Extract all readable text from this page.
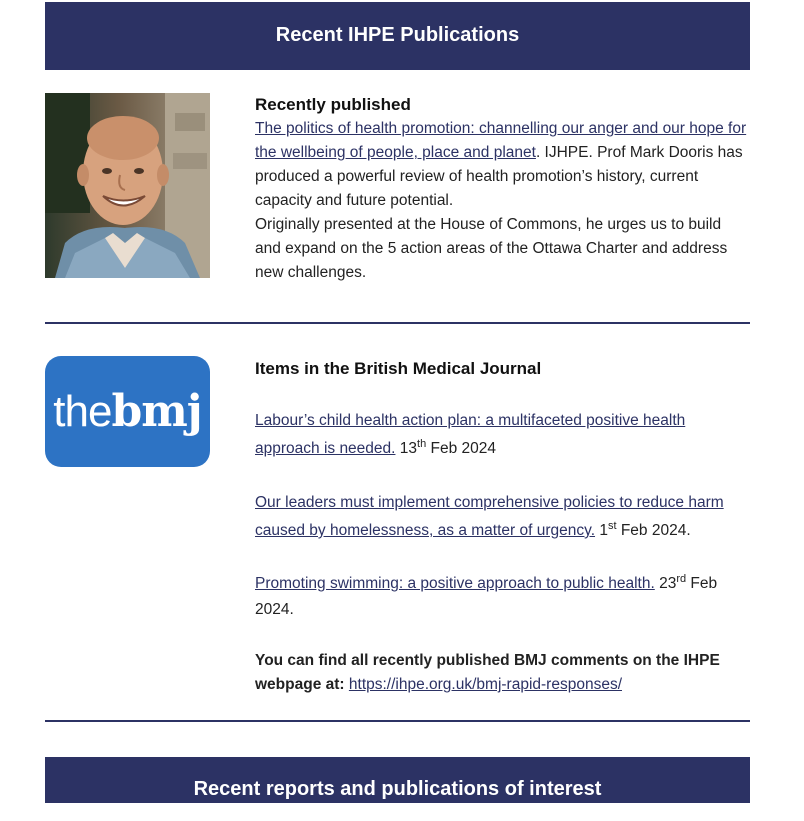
Recent IHPE Publications
Recently published

The politics of health promotion: channelling our anger and our hope for the wellbeing of people, place and planet. IJHPE. Prof Mark Dooris has produced a powerful review of health promotion’s history, current capacity and future potential.

Originally presented at the House of Commons, he urges us to build and expand on the 5 action areas of the Ottawa Charter and address new challenges.

thebmj
Items in the British Medical Journal

Labour’s child health action plan: a multifaceted positive health approach is needed. 13th Feb 2024

Our leaders must implement comprehensive policies to reduce harm caused by homelessness, as a matter of urgency. 1st Feb 2024.

Promoting swimming: a positive approach to public health. 23rd Feb 2024.

You can find all recently published BMJ comments on the IHPE webpage at: https://ihpe.org.uk/bmj-rapid-responses/

Recent reports and publications of interest
